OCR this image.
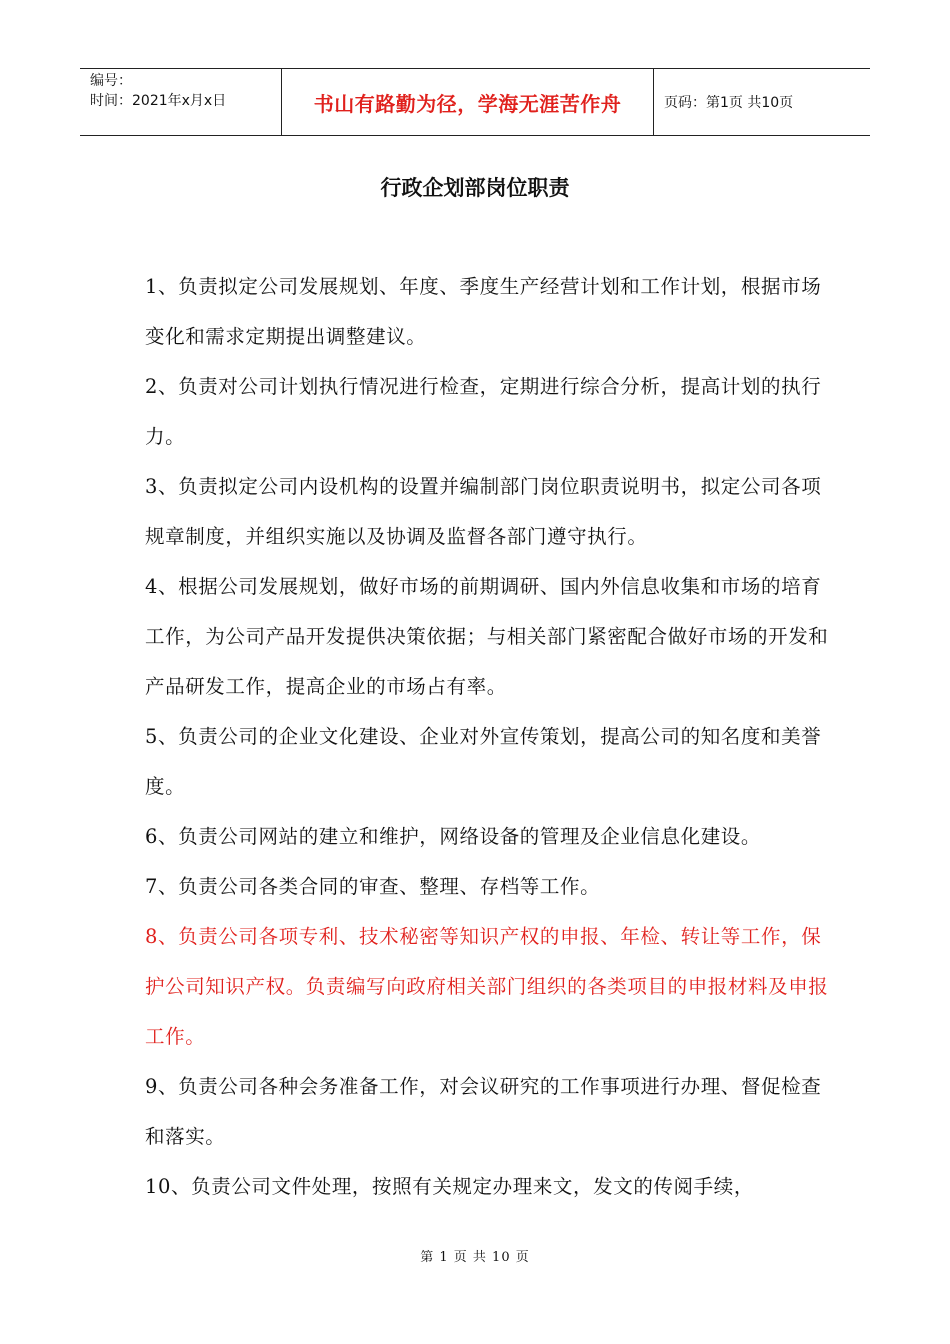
编号：
时间：2021年x月x日	书山有路勤为径，学海无涯苦作舟	页码：第1页 共10页
行政企划部岗位职责

1、负责拟定公司发展规划、年度、季度生产经营计划和工作计划，根据市场变化和需求定期提出调整建议。

2、负责对公司计划执行情况进行检查，定期进行综合分析，提高计划的执行力。

3、负责拟定公司内设机构的设置并编制部门岗位职责说明书，拟定公司各项规章制度，并组织实施以及协调及监督各部门遵守执行。

4、根据公司发展规划，做好市场的前期调研、国内外信息收集和市场的培育工作，为公司产品开发提供决策依据；与相关部门紧密配合做好市场的开发和产品研发工作，提高企业的市场占有率。

5、负责公司的企业文化建设、企业对外宣传策划，提高公司的知名度和美誉度。

6、负责公司网站的建立和维护，网络设备的管理及企业信息化建设。

7、负责公司各类合同的审查、整理、存档等工作。

8、负责公司各项专利、技术秘密等知识产权的申报、年检、转让等工作，保护公司知识产权。负责编写向政府相关部门组织的各类项目的申报材料及申报工作。

9、负责公司各种会务准备工作，对会议研究的工作事项进行办理、督促检查和落实。

10、负责公司文件处理，按照有关规定办理来文，发文的传阅手续，

第 1 页 共 10 页
